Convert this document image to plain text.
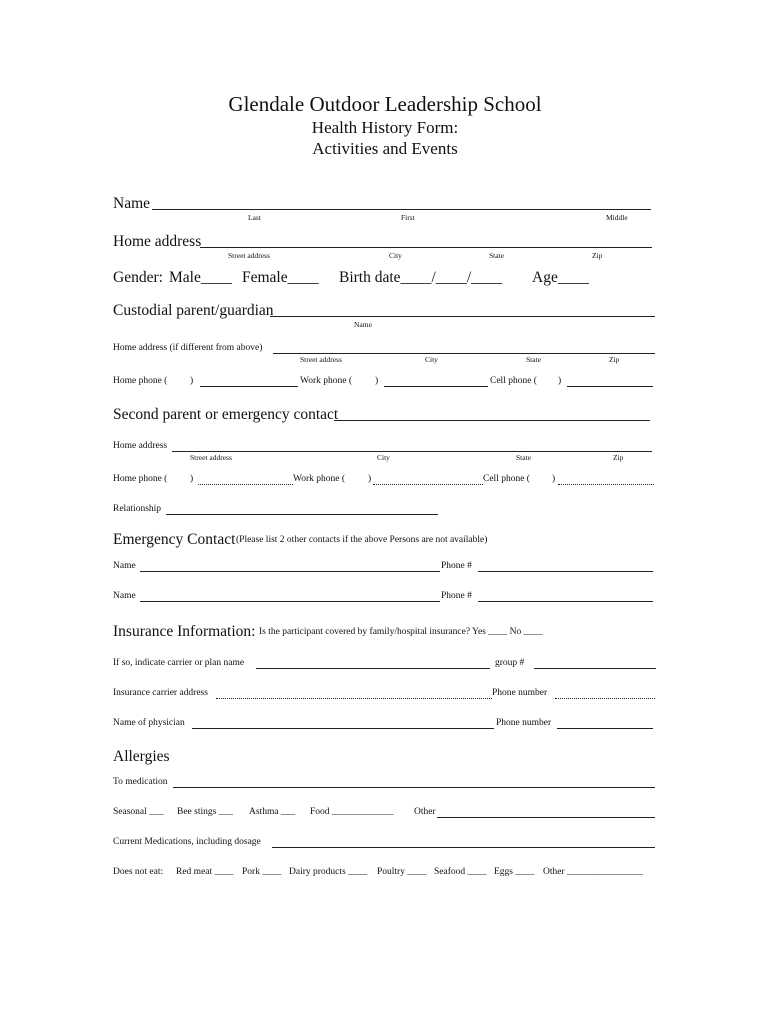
Glendale Outdoor Leadership School
Health History Form:
Activities and Events
Name
Last	First	Middle
Home address
Street address	City	State	Zip
Gender: Male____ Female____ Birth date____/____/____ Age____
Custodial parent/guardian
Name
Home address (if different from above)
Street address	City	State	Zip
Home phone ( )	Work phone ( )	Cell phone ( )
Second parent or emergency contact
Home address
Street address	City	State	Zip
Home phone ( )	Work phone ( )	Cell phone ( )
Relationship
Emergency Contact (Please list 2 other contacts if the above Persons are not available)
Name	Phone #
Name	Phone #
Insurance Information: Is the participant covered by family/hospital insurance? Yes ____ No ____
If so, indicate carrier or plan name	group #
Insurance carrier address	Phone number
Name of physician	Phone number
Allergies
To medication
Seasonal ___ Bee stings ___ Asthma ___ Food _____________ Other
Current Medications, including dosage
Does not eat: Red meat ____ Pork ____ Dairy products ____ Poultry ____ Seafood ____ Eggs ____ Other ________________
